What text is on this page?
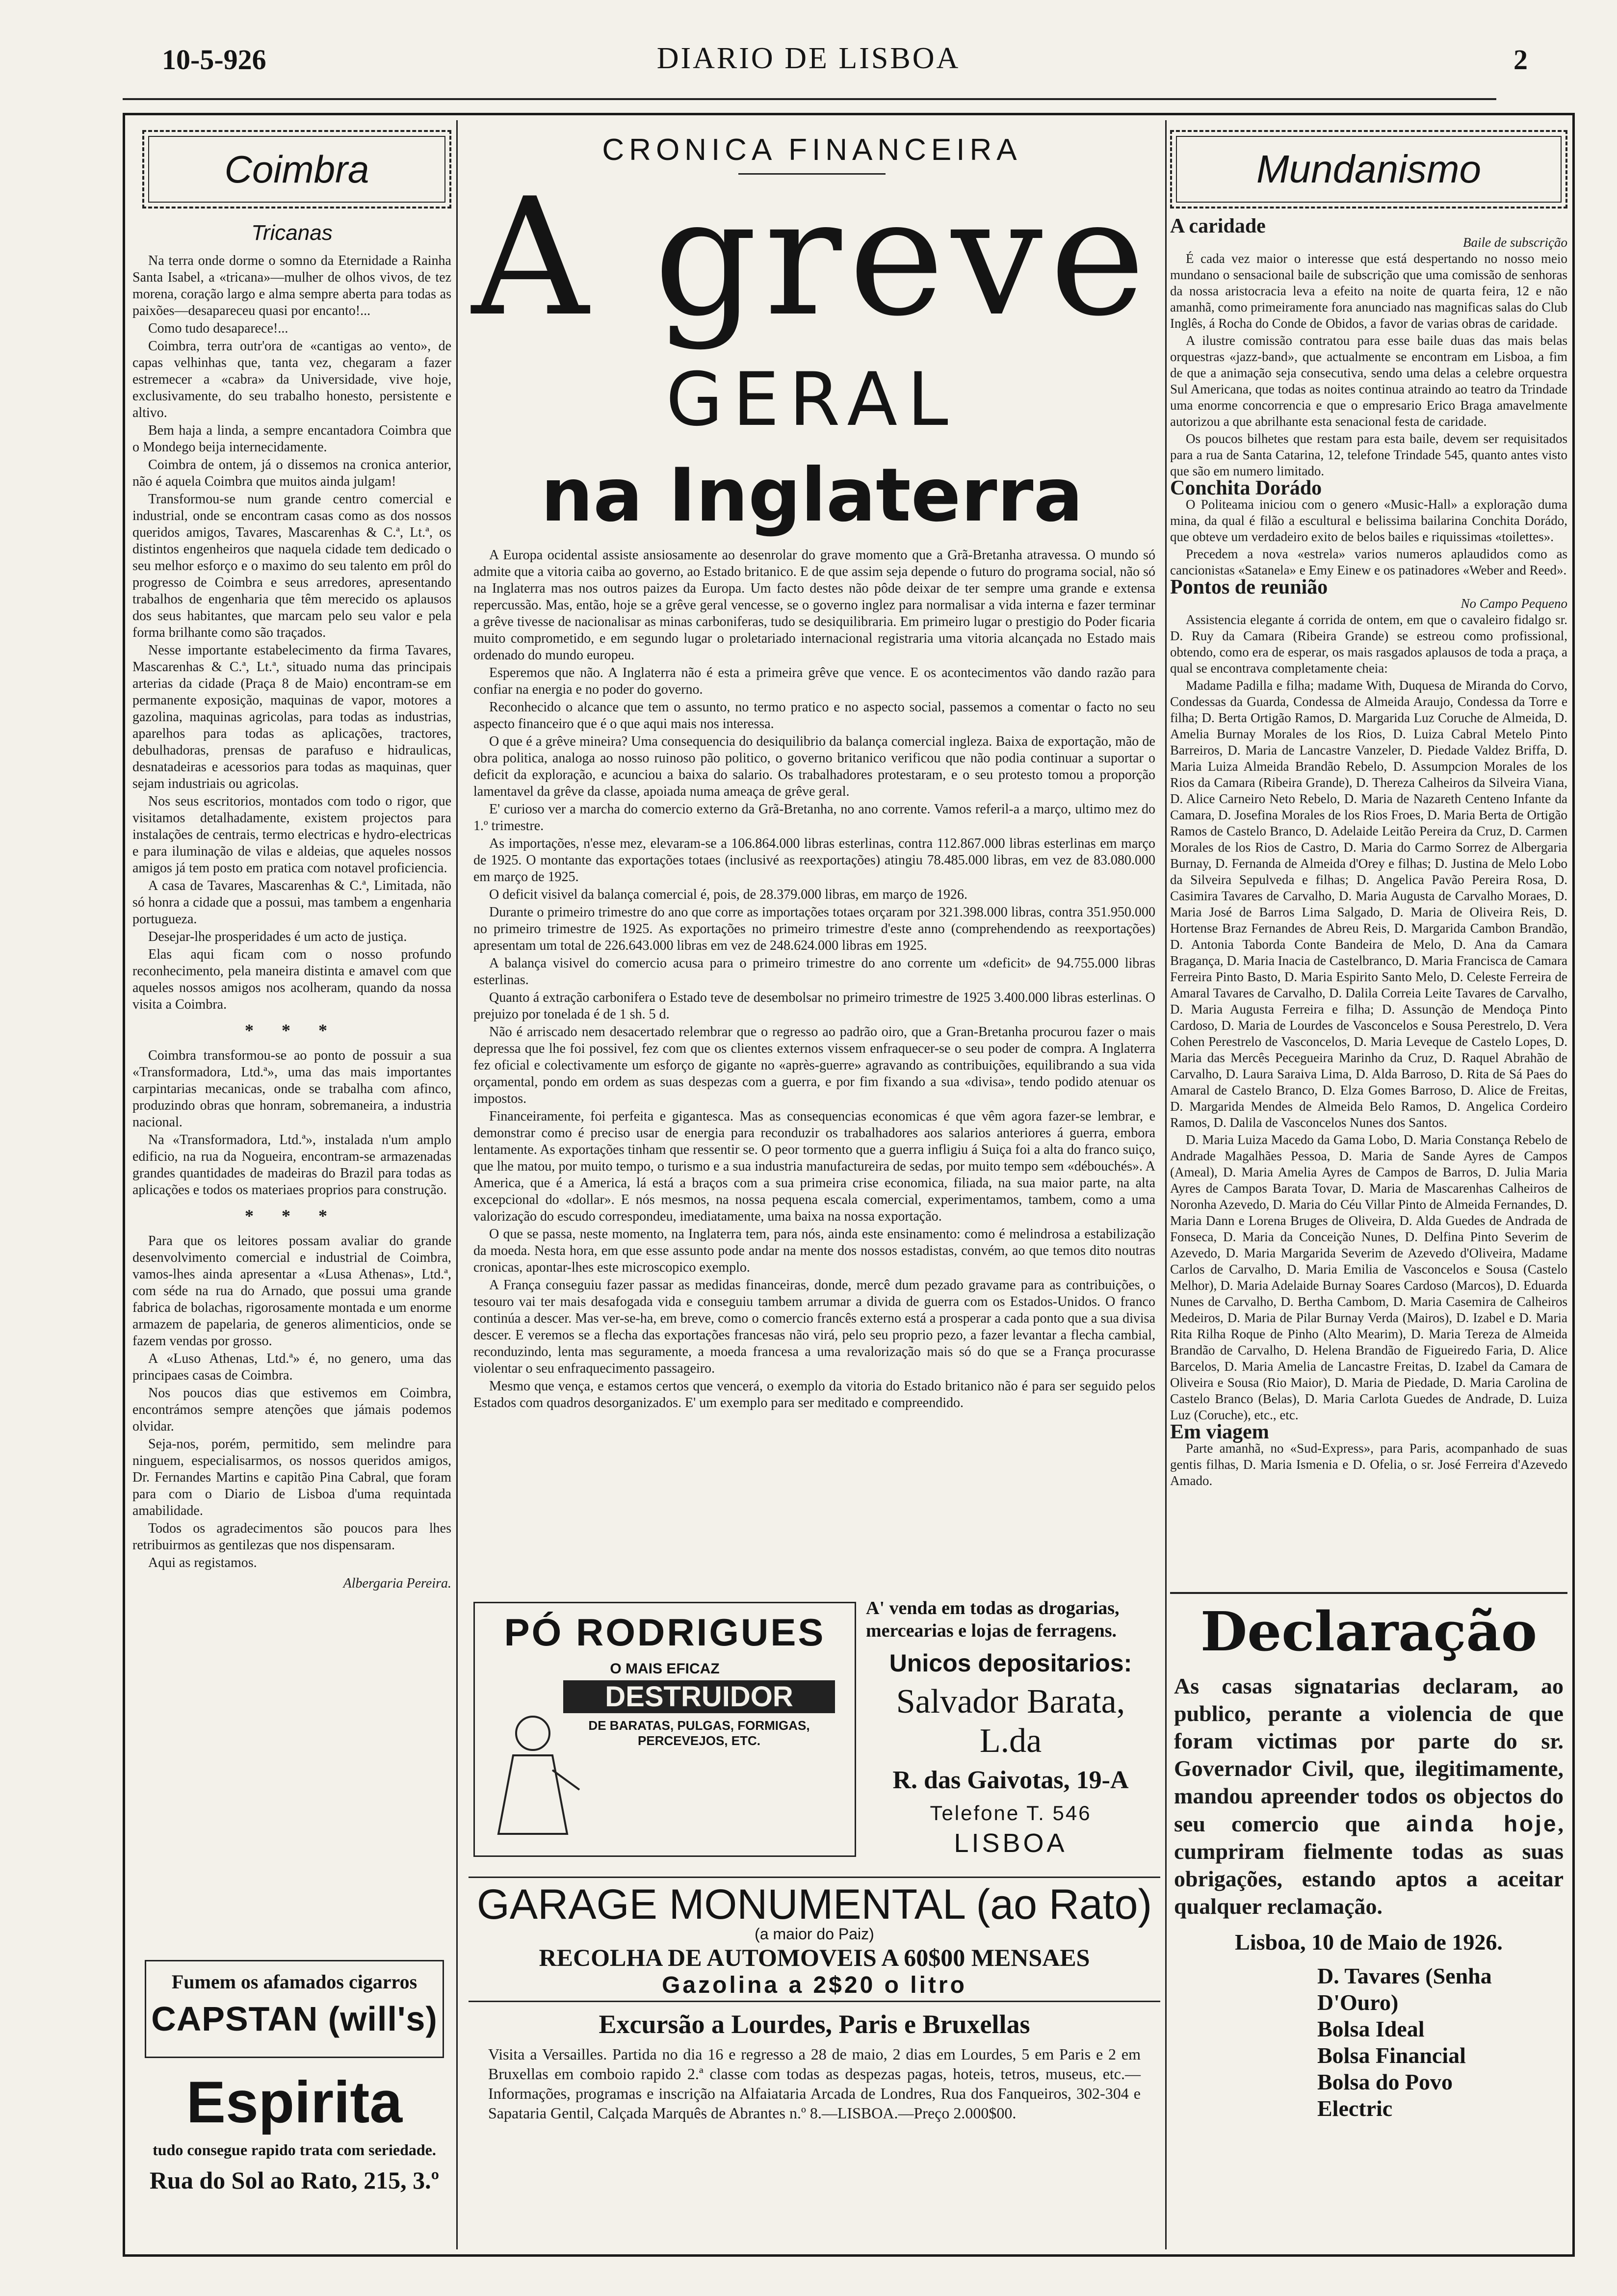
10-5-926	DIARIO DE LISBOA	2
Coimbra
Tricanas

Na terra onde dorme o somno da Eternidade a Rainha Santa Isabel, a «tricana»—mulher de olhos vivos, de tez morena, coração largo e alma sempre aberta para todas as paixões—desapareceu quasi por encanto!...

Como tudo desaparece!...

Coimbra, terra outr'ora de «cantigas ao vento», de capas velhinhas que, tanta vez, chegaram a fazer estremecer a «cabra» da Universidade, vive hoje, exclusivamente, do seu trabalho honesto, persistente e altivo.

Bem haja a linda, a sempre encantadora Coimbra que o Mondego beija internecidamente.

Coimbra de ontem, já o dissemos na cronica anterior, não é aquela Coimbra que muitos ainda julgam!

Transformou-se num grande centro comercial e industrial, onde se encontram casas como as dos nossos queridos amigos, Tavares, Mascarenhas & C.ª, Lt.ª, os distintos engenheiros que naquela cidade tem dedicado o seu melhor esforço e o maximo do seu talento em prôl do progresso de Coimbra e seus arredores, apresentando trabalhos de engenharia que têm merecido os aplausos dos seus habitantes, que marcam pelo seu valor e pela forma brilhante como são traçados.

Nesse importante estabelecimento da firma Tavares, Mascarenhas & C.ª, Lt.ª, situado numa das principais arterias da cidade (Praça 8 de Maio) encontram-se em permanente exposição, maquinas de vapor, motores a gazolina, maquinas agricolas, para todas as industrias, aparelhos para todas as aplicações, tractores, debulhadoras, prensas de parafuso e hidraulicas, desnatadeiras e acessorios para todas as maquinas, quer sejam industriais ou agricolas.

Nos seus escritorios, montados com todo o rigor, que visitamos detalhadamente, existem projectos para instalações de centrais, termo electricas e hydro-electricas e para iluminação de vilas e aldeias, que aqueles nossos amigos já tem posto em pratica com notavel proficiencia.

A casa de Tavares, Mascarenhas & C.ª, Limitada, não só honra a cidade que a possui, mas tambem a engenharia portugueza.

Desejar-lhe prosperidades é um acto de justiça.

Elas aqui ficam com o nosso profundo reconhecimento, pela maneira distinta e amavel com que aqueles nossos amigos nos acolheram, quando da nossa visita a Coimbra.

* * *

Coimbra transformou-se ao ponto de possuir a sua «Transformadora, Ltd.ª», uma das mais importantes carpintarias mecanicas, onde se trabalha com afinco, produzindo obras que honram, sobremaneira, a industria nacional.

Na «Transformadora, Ltd.ª», instalada n'um amplo edificio, na rua da Nogueira, encontram-se armazenadas grandes quantidades de madeiras do Brazil para todas as aplicações e todos os materiaes proprios para construção.

* * *

Para que os leitores possam avaliar do grande desenvolvimento comercial e industrial de Coimbra, vamos-lhes ainda apresentar a «Lusa Athenas», Ltd.ª, com séde na rua do Arnado, que possui uma grande fabrica de bolachas, rigorosamente montada e um enorme armazem de papelaria, de generos alimenticios, onde se fazem vendas por grosso.

A «Luso Athenas, Ltd.ª» é, no genero, uma das principaes casas de Coimbra.

Nos poucos dias que estivemos em Coimbra, encontrámos sempre atenções que jámais podemos olvidar.

Seja-nos, porém, permitido, sem melindre para ninguem, especialisarmos, os nossos queridos amigos, Dr. Fernandes Martins e capitão Pina Cabral, que foram para com o Diario de Lisboa d'uma requintada amabilidade.

Todos os agradecimentos são poucos para lhes retribuirmos as gentilezas que nos dispensaram.

Aqui as registamos.

Albergaria Pereira.
Fumem os afamados cigarros
CAPSTAN (will's)
Espirita
tudo consegue rapido trata com seriedade.
Rua do Sol ao Rato, 215, 3.º
CRONICA FINANCEIRA
A greve
GERAL
na Inglaterra

A Europa ocidental assiste ansiosamente ao desenrolar do grave momento que a Grã-Bretanha atravessa. O mundo só admite que a vitoria caiba ao governo, ao Estado britanico. E de que assim seja depende o futuro do programa social, não só na Inglaterra mas nos outros paizes da Europa. Um facto destes não pôde deixar de ter sempre uma grande e extensa repercussão. Mas, então, hoje se a grêve geral vencesse, se o governo inglez para normalisar a vida interna e fazer terminar a grêve tivesse de nacionalisar as minas carboniferas, tudo se desiquilibraria. Em primeiro lugar o prestigio do Poder ficaria muito comprometido, e em segundo lugar o proletariado internacional registraria uma vitoria alcançada no Estado mais ordenado do mundo europeu.

Esperemos que não. A Inglaterra não é esta a primeira grêve que vence. E os acontecimentos vão dando razão para confiar na energia e no poder do governo.

Reconhecido o alcance que tem o assunto, no termo pratico e no aspecto social, passemos a comentar o facto no seu aspecto financeiro que é o que aqui mais nos interessa.

O que é a grêve mineira? Uma consequencia do desiquilibrio da balança comercial ingleza. Baixa de exportação, mão de obra politica, analoga ao nosso ruinoso pão politico, o governo britanico verificou que não podia continuar a suportar o deficit da exploração, e acunciou a baixa do salario. Os trabalhadores protestaram, e o seu protesto tomou a proporção lamentavel da grêve da classe, apoiada numa ameaça de grêve geral.

E' curioso ver a marcha do comercio externo da Grã-Bretanha, no ano corrente. Vamos referil-a a março, ultimo mez do 1.º trimestre.

As importações, n'esse mez, elevaram-se a 106.864.000 libras esterlinas, contra 112.867.000 libras esterlinas em março de 1925. O montante das exportações totaes (inclusivé as reexportações) atingiu 78.485.000 libras, em vez de 83.080.000 em março de 1925.

O deficit visivel da balança comercial é, pois, de 28.379.000 libras, em março de 1926.

Durante o primeiro trimestre do ano que corre as importações totaes orçaram por 321.398.000 libras, contra 351.950.000 no primeiro trimestre de 1925. As exportações no primeiro trimestre d'este anno (comprehendendo as reexportações) apresentam um total de 226.643.000 libras em vez de 248.624.000 libras em 1925.

A balança visivel do comercio acusa para o primeiro trimestre do ano corrente um «deficit» de 94.755.000 libras esterlinas.

Quanto á extração carbonifera o Estado teve de desembolsar no primeiro trimestre de 1925 3.400.000 libras esterlinas. O prejuizo por tonelada é de 1 sh. 5 d.

Não é arriscado nem desacertado relembrar que o regresso ao padrão oiro, que a Gran-Bretanha procurou fazer o mais depressa que lhe foi possivel, fez com que os clientes externos vissem enfraquecer-se o seu poder de compra. A Inglaterra fez oficial e colectivamente um esforço de gigante no «après-guerre» agravando as contribuições, equilibrando a sua vida orçamental, pondo em ordem as suas despezas com a guerra, e por fim fixando a sua «divisa», tendo podido atenuar os impostos.

Financeiramente, foi perfeita e gigantesca. Mas as consequencias economicas é que vêm agora fazer-se lembrar, e demonstrar como é preciso usar de energia para reconduzir os trabalhadores aos salarios anteriores á guerra, embora lentamente. As exportações tinham que ressentir se. O peor tormento que a guerra infligiu á Suiça foi a alta do franco suiço, que lhe matou, por muito tempo, o turismo e a sua industria manufactureira de sedas, por muito tempo sem «débouchés». A America, que é a America, lá está a braços com a sua primeira crise economica, filiada, na sua maior parte, na alta excepcional do «dollar». E nós mesmos, na nossa pequena escala comercial, experimentamos, tambem, como a uma valorização do escudo correspondeu, imediatamente, uma baixa na nossa exportação.

O que se passa, neste momento, na Inglaterra tem, para nós, ainda este ensinamento: como é melindrosa a estabilização da moeda. Nesta hora, em que esse assunto pode andar na mente dos nossos estadistas, convém, ao que temos dito noutras cronicas, apontar-lhes este microscopico exemplo.

A França conseguiu fazer passar as medidas financeiras, donde, mercê dum pezado gravame para as contribuições, o tesouro vai ter mais desafogada vida e conseguiu tambem arrumar a divida de guerra com os Estados-Unidos. O franco continúa a descer. Mas ver-se-ha, em breve, como o comercio francês externo está a prosperar a cada ponto que a sua divisa descer. E veremos se a flecha das exportações francesas não virá, pelo seu proprio pezo, a fazer levantar a flecha cambial, reconduzindo, lenta mas seguramente, a moeda francesa a uma revalorização mais só do que se a França procurasse violentar o seu enfraquecimento passageiro.

Mesmo que vença, e estamos certos que vencerá, o exemplo da vitoria do Estado britanico não é para ser seguido pelos Estados com quadros desorganizados. E' um exemplo para ser meditado e compreendido.

PÓ RODRIGUES
O MAIS EFICAZ
DESTRUIDOR
DE BARATAS, PULGAS, FORMIGAS, PERCEVEJOS, ETC.
A' venda em todas as drogarias, mercearias e lojas de ferragens.
Unicos depositarios:
Salvador Barata, L.da
R. das Gaivotas, 19-A
Telefone T. 546
LISBOA
GARAGE MONUMENTAL (ao Rato)
(a maior do Paiz)
RECOLHA DE AUTOMOVEIS A 60$00 MENSAES
Gazolina a 2$20 o litro
Excursão a Lourdes, Paris e Bruxellas
Visita a Versailles. Partida no dia 16 e regresso a 28 de maio, 2 dias em Lourdes, 5 em Paris e 2 em Bruxellas em comboio rapido 2.ª classe com todas as despezas pagas, hoteis, tetros, museus, etc.—Informações, programas e inscrição na Alfaiataria Arcada de Londres, Rua dos Fanqueiros, 302-304 e Sapataria Gentil, Calçada Marquês de Abrantes n.º 8.—LISBOA.—Preço 2.000$00.
Mundanismo
A caridade
Baile de subscrição

É cada vez maior o interesse que está despertando no nosso meio mundano o sensacional baile de subscrição que uma comissão de senhoras da nossa aristocracia leva a efeito na noite de quarta feira, 12 e não amanhã, como primeiramente fora anunciado nas magnificas salas do Club Inglês, á Rocha do Conde de Obidos, a favor de varias obras de caridade.

A ilustre comissão contratou para esse baile duas das mais belas orquestras «jazz-band», que actualmente se encontram em Lisboa, a fim de que a animação seja consecutiva, sendo uma delas a celebre orquestra Sul Americana, que todas as noites continua atraindo ao teatro da Trindade uma enorme concorrencia e que o empresario Erico Braga amavelmente autorizou a que abrilhante esta senacional festa de caridade.

Os poucos bilhetes que restam para esta baile, devem ser requisitados para a rua de Santa Catarina, 12, telefone Trindade 545, quanto antes visto que são em numero limitado.

Conchita Dorádo

O Politeama iniciou com o genero «Music-Hall» a exploração duma mina, da qual é filão a escultural e belissima bailarina Conchita Dorádo, que obteve um verdadeiro exito de belos bailes e riquissimas «toilettes».

Precedem a nova «estrela» varios numeros aplaudidos como as cancionistas «Satanela» e Emy Einew e os patinadores «Weber and Reed».

Pontos de reunião
No Campo Pequeno

Assistencia elegante á corrida de ontem, em que o cavaleiro fidalgo sr. D. Ruy da Camara (Ribeira Grande) se estreou como profissional, obtendo, como era de esperar, os mais rasgados aplausos de toda a praça, a qual se encontrava completamente cheia:

Madame Padilla e filha; madame With, Duquesa de Miranda do Corvo, Condessas da Guarda, Condessa de Almeida Araujo, Condessa da Torre e filha; D. Berta Ortigão Ramos, D. Margarida Luz Coruche de Almeida, D. Amelia Burnay Morales de los Rios, D. Luiza Cabral Metelo Pinto Barreiros, D. Maria de Lancastre Vanzeler, D. Piedade Valdez Briffa, D. Maria Luiza Almeida Brandão Rebelo, D. Assumpcion Morales de los Rios da Camara (Ribeira Grande), D. Thereza Calheiros da Silveira Viana, D. Alice Carneiro Neto Rebelo, D. Maria de Nazareth Centeno Infante da Camara, D. Josefina Morales de los Rios Froes, D. Maria Berta de Ortigão Ramos de Castelo Branco, D. Adelaide Leitão Pereira da Cruz, D. Carmen Morales de los Rios de Castro, D. Maria do Carmo Sorrez de Albergaria Burnay, D. Fernanda de Almeida d'Orey e filhas; D. Justina de Melo Lobo da Silveira Sepulveda e filhas; D. Angelica Pavão Pereira Rosa, D. Casimira Tavares de Carvalho, D. Maria Augusta de Carvalho Moraes, D. Maria José de Barros Lima Salgado, D. Maria de Oliveira Reis, D. Hortense Braz Fernandes de Abreu Reis, D. Margarida Cambon Brandão, D. Antonia Taborda Conte Bandeira de Melo, D. Ana da Camara Bragança, D. Maria Inacia de Castelbranco, D. Maria Francisca de Camara Ferreira Pinto Basto, D. Maria Espirito Santo Melo, D. Celeste Ferreira de Amaral Tavares de Carvalho, D. Dalila Correia Leite Tavares de Carvalho, D. Maria Augusta Ferreira e filha; D. Assunção de Mendoça Pinto Cardoso, D. Maria de Lourdes de Vasconcelos e Sousa Perestrelo, D. Vera Cohen Perestrelo de Vasconcelos, D. Maria Leveque de Castelo Lopes, D. Maria das Mercês Pecegueira Marinho da Cruz, D. Raquel Abrahão de Carvalho, D. Laura Saraiva Lima, D. Alda Barroso, D. Rita de Sá Paes do Amaral de Castelo Branco, D. Elza Gomes Barroso, D. Alice de Freitas, D. Margarida Mendes de Almeida Belo Ramos, D. Angelica Cordeiro Ramos, D. Dalila de Vasconcelos Nunes dos Santos.

D. Maria Luiza Macedo da Gama Lobo, D. Maria Constança Rebelo de Andrade Magalhães Pessoa, D. Maria de Sande Ayres de Campos (Ameal), D. Maria Amelia Ayres de Campos de Barros, D. Julia Maria Ayres de Campos Barata Tovar, D. Maria de Mascarenhas Calheiros de Noronha Azevedo, D. Maria do Céu Villar Pinto de Almeida Fernandes, D. Maria Dann e Lorena Bruges de Oliveira, D. Alda Guedes de Andrada de Fonseca, D. Maria da Conceição Nunes, D. Delfina Pinto Severim de Azevedo, D. Maria Margarida Severim de Azevedo d'Oliveira, Madame Carlos de Carvalho, D. Maria Emilia de Vasconcelos e Sousa (Castelo Melhor), D. Maria Adelaide Burnay Soares Cardoso (Marcos), D. Eduarda Nunes de Carvalho, D. Bertha Cambom, D. Maria Casemira de Calheiros Medeiros, D. Maria de Pilar Burnay Verda (Mairos), D. Izabel e D. Maria Rita Rilha Roque de Pinho (Alto Mearim), D. Maria Tereza de Almeida Brandão de Carvalho, D. Helena Brandão de Figueiredo Faria, D. Alice Barcelos, D. Maria Amelia de Lancastre Freitas, D. Izabel da Camara de Oliveira e Sousa (Rio Maior), D. Maria de Piedade, D. Maria Carolina de Castelo Branco (Belas), D. Maria Carlota Guedes de Andrade, D. Luiza Luz (Coruche), etc., etc.

Em viagem

Parte amanhã, no «Sud-Express», para Paris, acompanhado de suas gentis filhas, D. Maria Ismenia e D. Ofelia, o sr. José Ferreira d'Azevedo Amado.

Declaração
As casas signatarias declaram, ao publico, perante a violencia de que foram victimas por parte do sr. Governador Civil, que, ilegitimamente, mandou apreender todos os objectos do seu comercio que ainda hoje, cumpriram fielmente todas as suas obrigações, estando aptos a aceitar qualquer reclamação.
Lisboa, 10 de Maio de 1926.
D. Tavares (Senha D'Ouro)
Bolsa Ideal
Bolsa Financial
Bolsa do Povo
Electric
